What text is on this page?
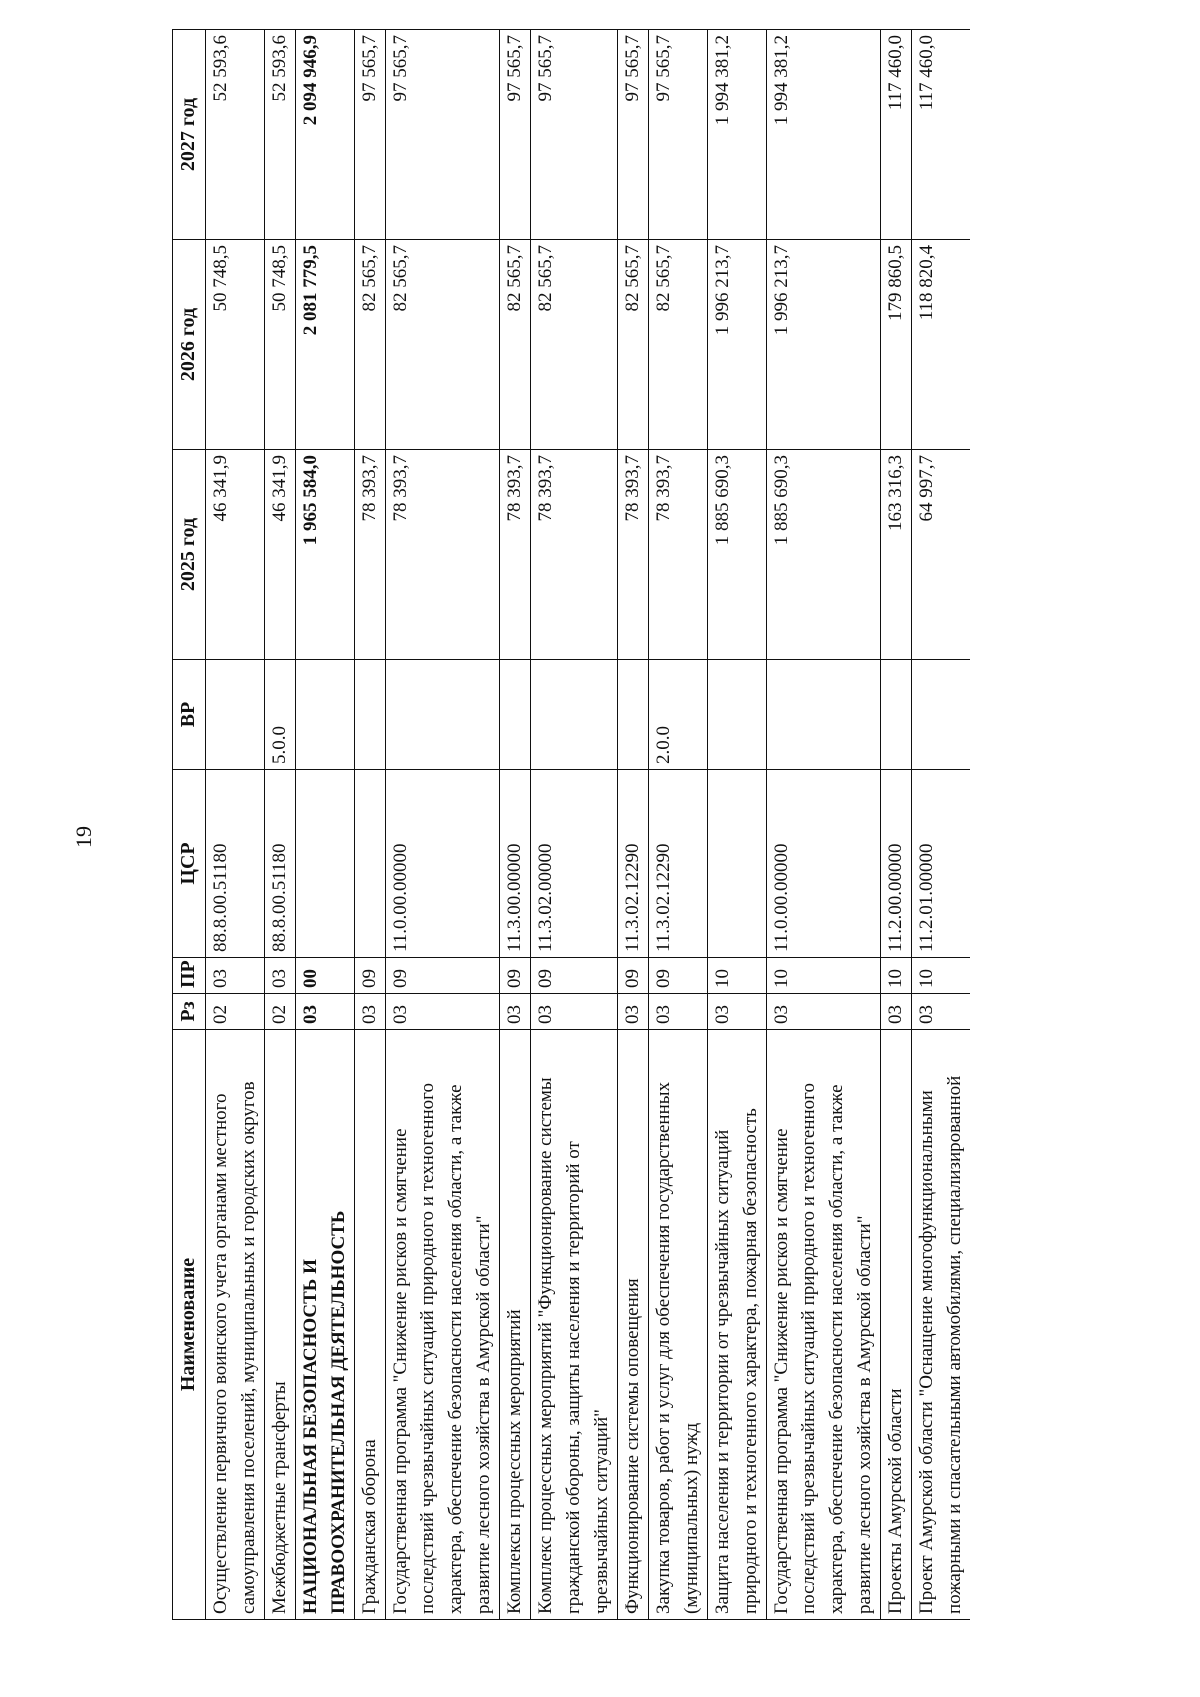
19
Наименование	Рз	ПР	ЦСР	ВР	2025 год	2026 год	2027 год
Осуществление первичного воинского учета органами местного самоуправления поселений, муниципальных и городских округов	02	03	88.8.00.51180		46 341,9	50 748,5	52 593,6
Межбюджетные трансферты	02	03	88.8.00.51180	5.0.0	46 341,9	50 748,5	52 593,6
НАЦИОНАЛЬНАЯ БЕЗОПАСНОСТЬ И ПРАВООХРАНИТЕЛЬНАЯ ДЕЯТЕЛЬНОСТЬ	03	00			1 965 584,0	2 081 779,5	2 094 946,9
Гражданская оборона	03	09			78 393,7	82 565,7	97 565,7
Государственная программа "Снижение рисков и смягчение последствий чрезвычайных ситуаций природного и техногенного характера, обеспечение безопасности населения области, а также развитие лесного хозяйства в Амурской области"	03	09	11.0.00.00000		78 393,7	82 565,7	97 565,7
Комплексы процессных мероприятий	03	09	11.3.00.00000		78 393,7	82 565,7	97 565,7
Комплекс процессных мероприятий "Функционирование системы гражданской обороны, защиты населения и территорий от чрезвычайных ситуаций"	03	09	11.3.02.00000		78 393,7	82 565,7	97 565,7
Функционирование системы оповещения	03	09	11.3.02.12290		78 393,7	82 565,7	97 565,7
Закупка товаров, работ и услуг для обеспечения государственных (муниципальных) нужд	03	09	11.3.02.12290	2.0.0	78 393,7	82 565,7	97 565,7
Защита населения и территории от чрезвычайных ситуаций природного и техногенного характера, пожарная безопасность	03	10			1 885 690,3	1 996 213,7	1 994 381,2
Государственная программа "Снижение рисков и смягчение последствий чрезвычайных ситуаций природного и техногенного характера, обеспечение безопасности населения области, а также развитие лесного хозяйства в Амурской области"	03	10	11.0.00.00000		1 885 690,3	1 996 213,7	1 994 381,2
Проекты Амурской области	03	10	11.2.00.00000		163 316,3	179 860,5	117 460,0
Проект Амурской области "Оснащение многофункциональными пожарными и спасательными автомобилями, специализированной	03	10	11.2.01.00000		64 997,7	118 820,4	117 460,0
